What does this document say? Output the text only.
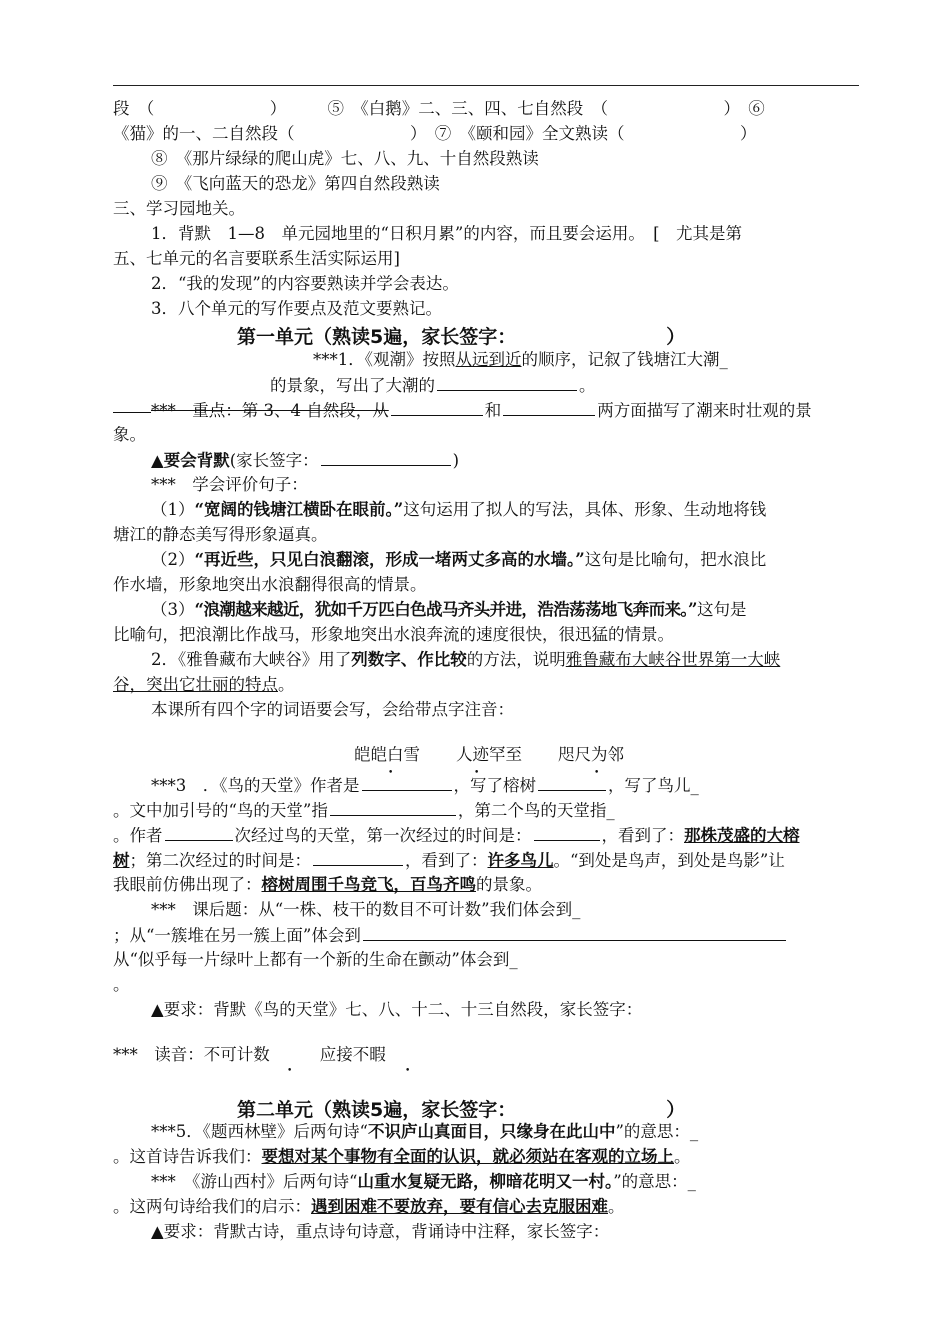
段　（　　　　　　　）　　　⑤　《白鹅》二、三、四、七自然段　（　　　　　　　）　⑥
《猫》的一、二自然段（　　　　　　　）　⑦　《颐和园》全文熟读（　　　　　　　）
⑧　《那片绿绿的爬山虎》七、八、九、十自然段熟读
⑨　《飞向蓝天的恐龙》第四自然段熟读
三、学习园地关。
1．背默　1—8　单元园地里的“日积月累”的内容，而且要会运用。　[　尤其是第
五、七单元的名言要联系生活实际运用]
2．“我的发现”的内容要熟读并学会表达。
3．八个单元的写作要点及范文要熟记。
第一单元（熟读5遍，家长签字：	）
***1．《观潮》按照从远到近的顺序，记叙了钱塘江大潮_
的景象，写出了大潮的	。
***　重点：第 3、4 自然段，从	和	两方面描写了潮来时壮观的景
象。
▲要会背默(家长签字：	)
***　学会评价句子：
（1）“宽阔的钱塘江横卧在眼前。”这句运用了拟人的写法，具体、形象、生动地将钱
塘江的静态美写得形象逼真。
（2）“再近些，只见白浪翻滚，形成一堵两丈多高的水墙。”这句是比喻句，把水浪比
作水墙，形象地突出水浪翻得很高的情景。
（3）“浪潮越来越近，犹如千万匹白色战马齐头并进，浩浩荡荡地飞奔而来。”这句是
比喻句，把浪潮比作战马，形象地突出水浪奔流的速度很快，很迅猛的情景。
2．《雅鲁藏布大峡谷》用了列数字、作比较的方法，说明雅鲁藏布大峡谷世界第一大峡
谷，突出它壮丽的特点。
本课所有四个字的词语要会写，会给带点字注音：
皑皑白雪 人迹罕至 咫尺为邻
•	•	•
***3　．《鸟的天堂》作者是	，写了榕树	，写了鸟儿_
。文中加引号的“鸟的天堂”指	，第二个鸟的天堂指_
。作者	次经过鸟的天堂，第一次经过的时间是：	，看到了：那株茂盛的大榕
树；第二次经过的时间是：	，看到了：许多鸟儿。“到处是鸟声，到处是鸟影”让
我眼前仿佛出现了：榕树周围千鸟竞飞，百鸟齐鸣的景象。
***　课后题：从“一株、枝干的数目不可计数”我们体会到_
；从“一簇堆在另一簇上面”体会到
从“似乎每一片绿叶上都有一个新的生命在颤动”体会到_
。
▲要求：背默《鸟的天堂》七、八、十二、十三自然段，家长签字：
***　读音：不可计数	应接不暇
•	•
第二单元（熟读5遍，家长签字：	）
***5．《题西林壁》后两句诗“不识庐山真面目，只缘身在此山中”的意思：_
。这首诗告诉我们：要想对某个事物有全面的认识，就必须站在客观的立场上。
***　《游山西村》后两句诗“山重水复疑无路，柳暗花明又一村。”的意思：_
。这两句诗给我们的启示：遇到困难不要放弃，要有信心去克服困难。
▲要求：背默古诗，重点诗句诗意，背诵诗中注释，家长签字：
